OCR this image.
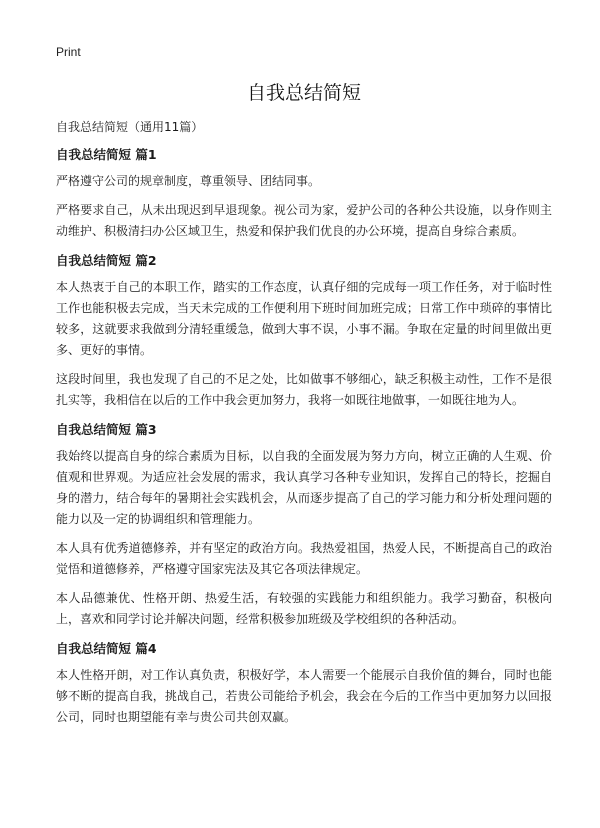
Print
自我总结简短
自我总结简短（通用11篇）
自我总结简短 篇1
严格遵守公司的规章制度，尊重领导、团结同事。
严格要求自己，从未出现迟到早退现象。视公司为家，爱护公司的各种公共设施，以身作则主动维护、积极清扫办公区域卫生，热爱和保护我们优良的办公环境，提高自身综合素质。
自我总结简短 篇2
本人热衷于自己的本职工作，踏实的工作态度，认真仔细的完成每一项工作任务，对于临时性工作也能积极去完成，当天未完成的工作便利用下班时间加班完成；日常工作中琐碎的事情比较多，这就要求我做到分清轻重缓急，做到大事不误，小事不漏。争取在定量的时间里做出更多、更好的事情。
这段时间里，我也发现了自己的不足之处，比如做事不够细心，缺乏积极主动性，工作不是很扎实等，我相信在以后的工作中我会更加努力，我将一如既往地做事，一如既往地为人。
自我总结简短 篇3
我始终以提高自身的综合素质为目标，以自我的全面发展为努力方向，树立正确的人生观、价值观和世界观。为适应社会发展的需求，我认真学习各种专业知识，发挥自己的特长，挖掘自身的潜力，结合每年的暑期社会实践机会，从而逐步提高了自己的学习能力和分析处理问题的能力以及一定的协调组织和管理能力。
本人具有优秀道德修养，并有坚定的政治方向。我热爱祖国，热爱人民，不断提高自己的政治觉悟和道德修养，严格遵守国家宪法及其它各项法律规定。
本人品德兼优、性格开朗、热爱生活，有较强的实践能力和组织能力。我学习勤奋，积极向上，喜欢和同学讨论并解决问题，经常积极参加班级及学校组织的各种活动。
自我总结简短 篇4
本人性格开朗，对工作认真负责，积极好学，本人需要一个能展示自我价值的舞台，同时也能够不断的提高自我，挑战自己，若贵公司能给予机会，我会在今后的工作当中更加努力以回报公司，同时也期望能有幸与贵公司共创双赢。
